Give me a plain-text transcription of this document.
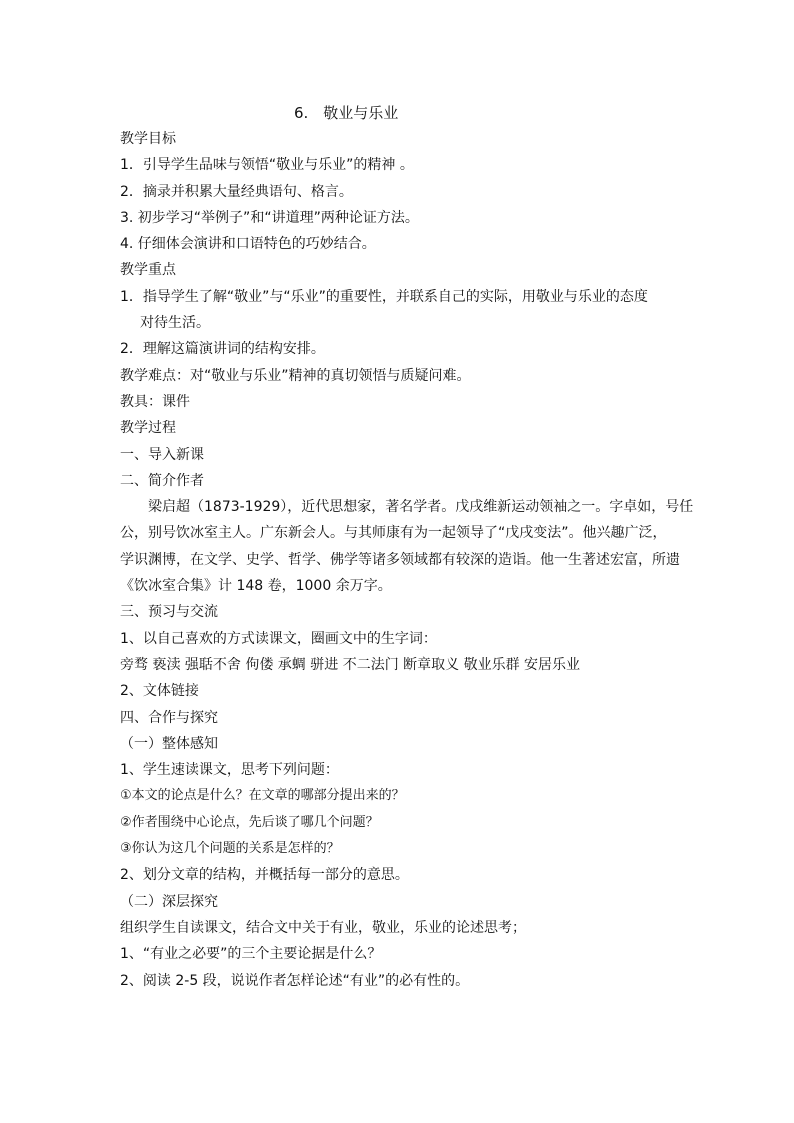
6.　敬业与乐业
教学目标
1．引导学生品味与领悟“敬业与乐业”的精神 。
2．摘录并积累大量经典语句、格言。
3. 初步学习“举例子”和“讲道理”两种论证方法。
4. 仔细体会演讲和口语特色的巧妙结合。
教学重点
1．指导学生了解“敬业”与“乐业”的重要性，并联系自己的实际，用敬业与乐业的态度
对待生活。
2．理解这篇演讲词的结构安排。
教学难点：对“敬业与乐业”精神的真切领悟与质疑问难。
教具：课件
教学过程
一、导入新课
二、简介作者
梁启超（1873-1929），近代思想家，著名学者。戊戌维新运动领袖之一。字卓如，号任
公，别号饮冰室主人。广东新会人。与其师康有为一起领导了“戊戌变法”。他兴趣广泛，
学识渊博，在文学、史学、哲学、佛学等诸多领域都有较深的造诣。他一生著述宏富，所遗
《饮冰室合集》计 148 卷，1000 余万字。
三、预习与交流
1、以自己喜欢的方式读课文，圈画文中的生字词：
旁骛 亵渎 强聒不舍 佝偻 承蜩 骈进 不二法门 断章取义 敬业乐群 安居乐业
2、文体链接
四、合作与探究
（一）整体感知
1、学生速读课文，思考下列问题：
①本文的论点是什么？在文章的哪部分提出来的？
②作者围绕中心论点，先后谈了哪几个问题？
③你认为这几个问题的关系是怎样的？
2、划分文章的结构，并概括每一部分的意思。
（二）深层探究
组织学生自读课文，结合文中关于有业，敬业，乐业的论述思考；
1、“有业之必要”的三个主要论据是什么？
2、阅读 2-5 段，说说作者怎样论述“有业”的必有性的。
